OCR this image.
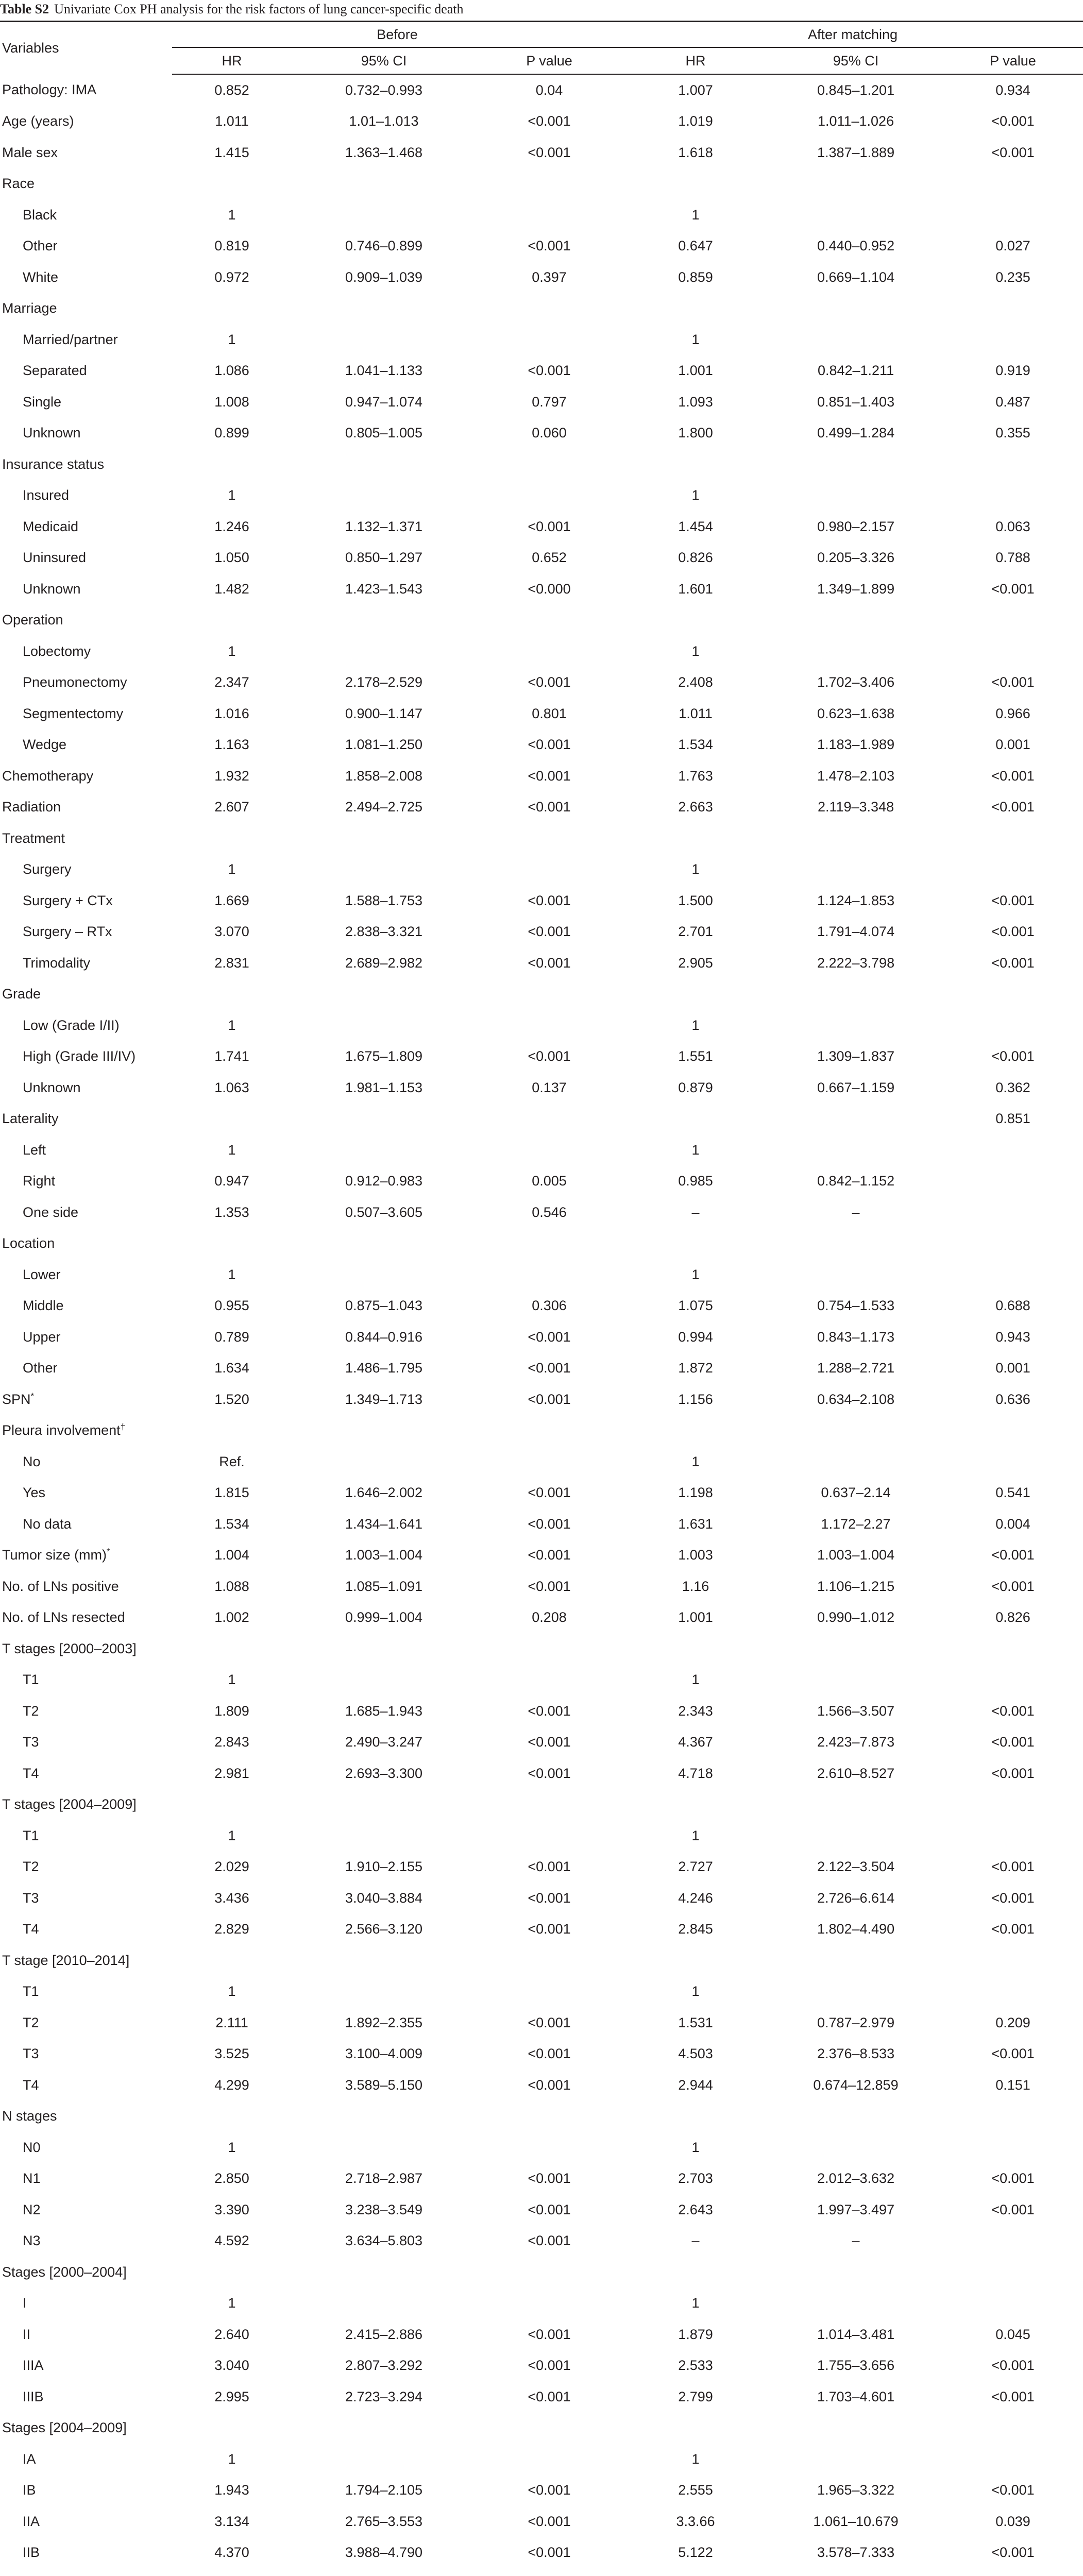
Table S2 Univariate Cox PH analysis for the risk factors of lung cancer-specific death
Variables	Before			After matching		
	HR	95% CI	P value	HR	95% CI	P value
Pathology: IMA	0.852	0.732–0.993	0.04	1.007	0.845–1.201	0.934
Age (years)	1.011	1.01–1.013	<0.001	1.019	1.011–1.026	<0.001
Male sex	1.415	1.363–1.468	<0.001	1.618	1.387–1.889	<0.001
Race						
Black	1			1		
Other	0.819	0.746–0.899	<0.001	0.647	0.440–0.952	0.027
White	0.972	0.909–1.039	0.397	0.859	0.669–1.104	0.235
Marriage						
Married/partner	1			1		
Separated	1.086	1.041–1.133	<0.001	1.001	0.842–1.211	0.919
Single	1.008	0.947–1.074	0.797	1.093	0.851–1.403	0.487
Unknown	0.899	0.805–1.005	0.060	1.800	0.499–1.284	0.355
Insurance status						
Insured	1			1		
Medicaid	1.246	1.132–1.371	<0.001	1.454	0.980–2.157	0.063
Uninsured	1.050	0.850–1.297	0.652	0.826	0.205–3.326	0.788
Unknown	1.482	1.423–1.543	<0.000	1.601	1.349–1.899	<0.001
Operation						
Lobectomy	1			1		
Pneumonectomy	2.347	2.178–2.529	<0.001	2.408	1.702–3.406	<0.001
Segmentectomy	1.016	0.900–1.147	0.801	1.011	0.623–1.638	0.966
Wedge	1.163	1.081–1.250	<0.001	1.534	1.183–1.989	0.001
Chemotherapy	1.932	1.858–2.008	<0.001	1.763	1.478–2.103	<0.001
Radiation	2.607	2.494–2.725	<0.001	2.663	2.119–3.348	<0.001
Treatment						
Surgery	1			1		
Surgery + CTx	1.669	1.588–1.753	<0.001	1.500	1.124–1.853	<0.001
Surgery – RTx	3.070	2.838–3.321	<0.001	2.701	1.791–4.074	<0.001
Trimodality	2.831	2.689–2.982	<0.001	2.905	2.222–3.798	<0.001
Grade						
Low (Grade I/II)	1			1		
High (Grade III/IV)	1.741	1.675–1.809	<0.001	1.551	1.309–1.837	<0.001
Unknown	1.063	1.981–1.153	0.137	0.879	0.667–1.159	0.362
Laterality						0.851
Left	1			1		
Right	0.947	0.912–0.983	0.005	0.985	0.842–1.152	
One side	1.353	0.507–3.605	0.546	–	–	
Location						
Lower	1			1		
Middle	0.955	0.875–1.043	0.306	1.075	0.754–1.533	0.688
Upper	0.789	0.844–0.916	<0.001	0.994	0.843–1.173	0.943
Other	1.634	1.486–1.795	<0.001	1.872	1.288–2.721	0.001
SPN*	1.520	1.349–1.713	<0.001	1.156	0.634–2.108	0.636
Pleura involvement†						
No	Ref.			1		
Yes	1.815	1.646–2.002	<0.001	1.198	0.637–2.14	0.541
No data	1.534	1.434–1.641	<0.001	1.631	1.172–2.27	0.004
Tumor size (mm)*	1.004	1.003–1.004	<0.001	1.003	1.003–1.004	<0.001
No. of LNs positive	1.088	1.085–1.091	<0.001	1.16	1.106–1.215	<0.001
No. of LNs resected	1.002	0.999–1.004	0.208	1.001	0.990–1.012	0.826
T stages [2000–2003]						
T1	1			1		
T2	1.809	1.685–1.943	<0.001	2.343	1.566–3.507	<0.001
T3	2.843	2.490–3.247	<0.001	4.367	2.423–7.873	<0.001
T4	2.981	2.693–3.300	<0.001	4.718	2.610–8.527	<0.001
T stages [2004–2009]						
T1	1			1		
T2	2.029	1.910–2.155	<0.001	2.727	2.122–3.504	<0.001
T3	3.436	3.040–3.884	<0.001	4.246	2.726–6.614	<0.001
T4	2.829	2.566–3.120	<0.001	2.845	1.802–4.490	<0.001
T stage [2010–2014]						
T1	1			1		
T2	2.111	1.892–2.355	<0.001	1.531	0.787–2.979	0.209
T3	3.525	3.100–4.009	<0.001	4.503	2.376–8.533	<0.001
T4	4.299	3.589–5.150	<0.001	2.944	0.674–12.859	0.151
N stages						
N0	1			1		
N1	2.850	2.718–2.987	<0.001	2.703	2.012–3.632	<0.001
N2	3.390	3.238–3.549	<0.001	2.643	1.997–3.497	<0.001
N3	4.592	3.634–5.803	<0.001	–	–	
Stages [2000–2004]						
I	1			1		
II	2.640	2.415–2.886	<0.001	1.879	1.014–3.481	0.045
IIIA	3.040	2.807–3.292	<0.001	2.533	1.755–3.656	<0.001
IIIB	2.995	2.723–3.294	<0.001	2.799	1.703–4.601	<0.001
Stages [2004–2009]						
IA	1			1		
IB	1.943	1.794–2.105	<0.001	2.555	1.965–3.322	<0.001
IIA	3.134	2.765–3.553	<0.001	3.3.66	1.061–10.679	0.039
IIB	4.370	3.988–4.790	<0.001	5.122	3.578–7.333	<0.001
